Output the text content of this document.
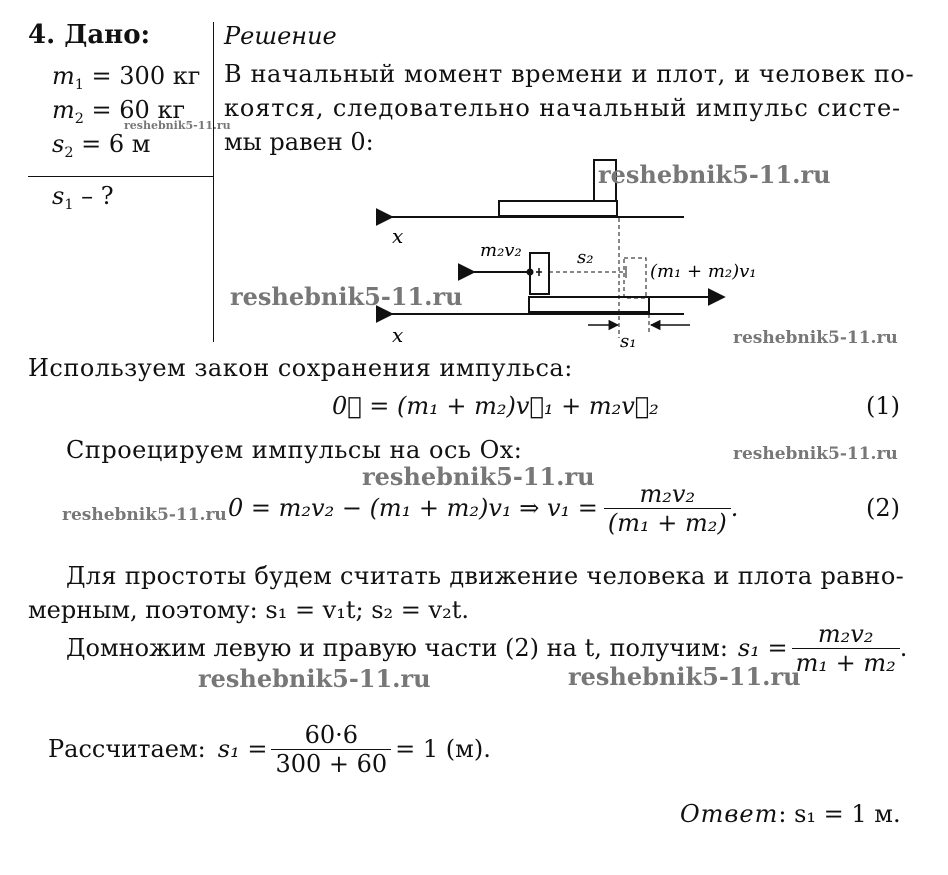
4. Дано:
$m_1 = 300$ кг
$m_2 = 60$ кг
$s_2 = 6$ м
$s_1$ – ?
Решение
В начальный момент времени и плот, и человек по-
коятся, следовательно начальный импульс систе-
мы равен 0:
x
m₂v₂	s₂
(m₁ + m₂)v₁
x	s₁
Используем закон сохранения импульса:
0⃗ = (m₁ + m₂)v⃗₁ + m₂v⃗₂	(1)
Спроецируем импульсы на ось Ox:
0 = m₂v₂ − (m₁ + m₂)v₁ ⇒ $v_1 = \frac{\text{m₂v₂}}{\text{(m₁ + m₂)}}$ .	(2)
Для простоты будем считать движение человека и плота равно-
мерным, поэтому: s₁ = v₁t; s₂ = v₂t.
Домножим левую и правую части (2) на t, получим: $s_1 = \frac{\text{m₂v₂}}{\text{m₁ + m₂}}$ .
Рассчитаем: $s_1 = \frac{60\cdot 6}{300 + 60} = 1$ (м).
Ответ: s₁ = 1 м.
reshebnik5-11.ru
reshebnik5-11.ru
reshebnik5-11.ru
reshebnik5-11.ru
reshebnik5-11.ru
reshebnik5-11.ru
reshebnik5-11.ru
reshebnik5-11.ru	reshebnik5-11.ru
